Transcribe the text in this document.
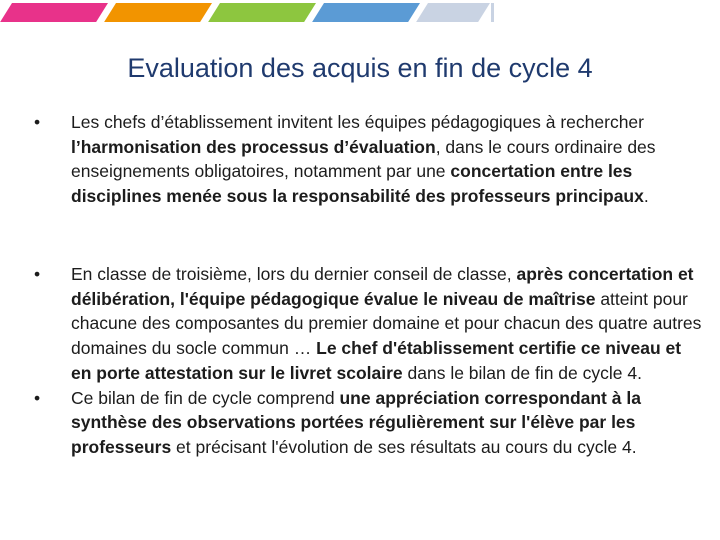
Evaluation des acquis en fin de cycle 4
• Les chefs d’établissement invitent les équipes pédagogiques à rechercher l’harmonisation des processus d’évaluation, dans le cours ordinaire des enseignements obligatoires, notamment par une concertation entre les disciplines menée sous la responsabilité des professeurs principaux.
• En classe de troisième, lors du dernier conseil de classe, après concertation et délibération, l'équipe pédagogique évalue le niveau de maîtrise atteint pour chacune des composantes du premier domaine et pour chacun des quatre autres domaines du socle commun … Le chef d'établissement certifie ce niveau et en porte attestation sur le livret scolaire dans le bilan de fin de cycle 4.
• Ce bilan de fin de cycle comprend une appréciation correspondant à la synthèse des observations portées régulièrement sur l'élève par les professeurs et précisant l'évolution de ses résultats au cours du cycle 4.
